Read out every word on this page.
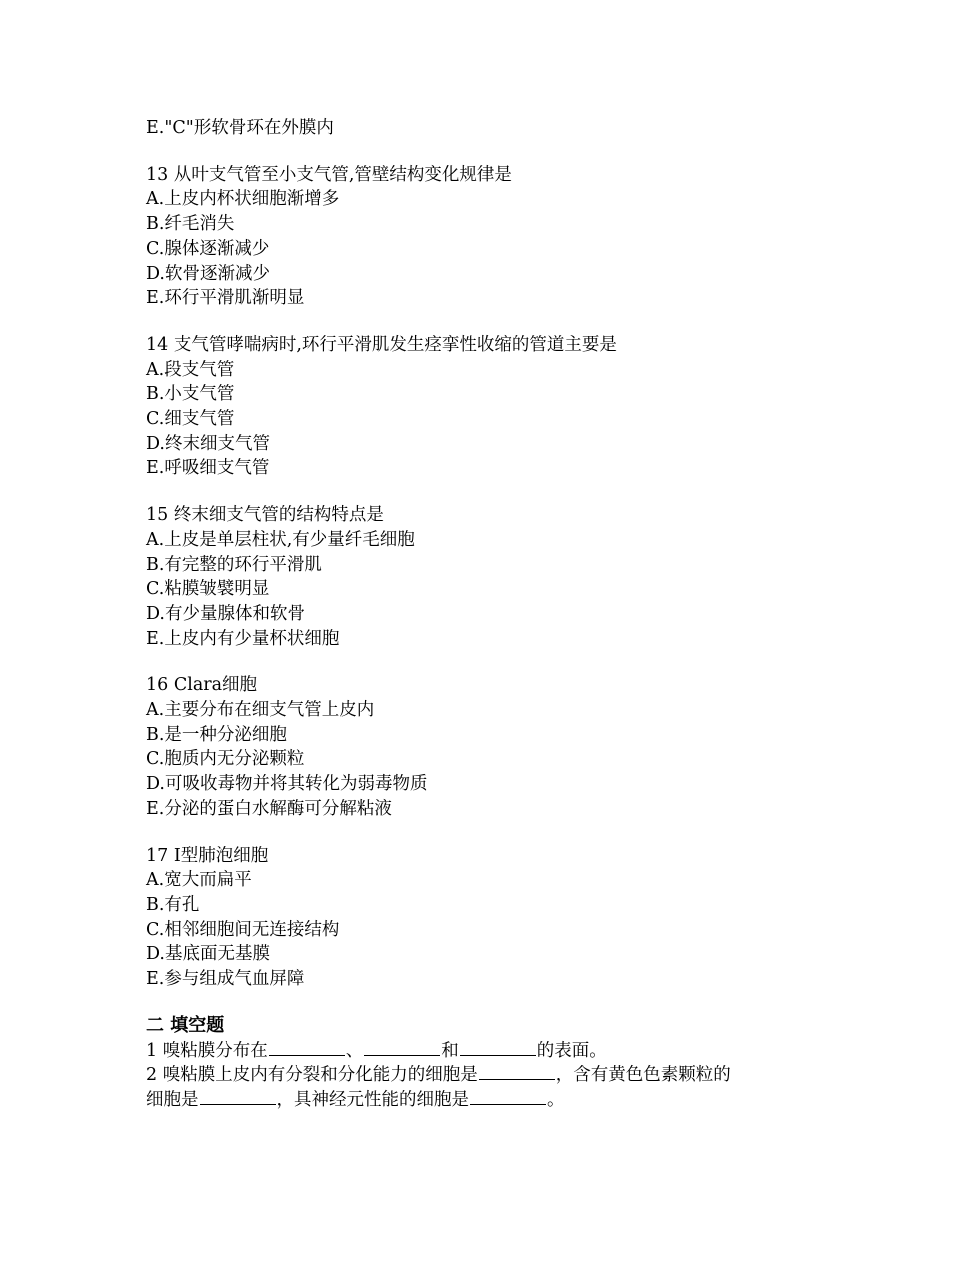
E."C"形软骨环在外膜内
13 从叶支气管至小支气管,管壁结构变化规律是
A.上皮内杯状细胞渐增多
B.纤毛消失
C.腺体逐渐减少
D.软骨逐渐减少
E.环行平滑肌渐明显
14 支气管哮喘病时,环行平滑肌发生痉挛性收缩的管道主要是
A.段支气管
B.小支气管
C.细支气管
D.终末细支气管
E.呼吸细支气管
15 终末细支气管的结构特点是
A.上皮是单层柱状,有少量纤毛细胞
B.有完整的环行平滑肌
C.粘膜皱襞明显
D.有少量腺体和软骨
E.上皮内有少量杯状细胞
16 Clara细胞
A.主要分布在细支气管上皮内
B.是一种分泌细胞
C.胞质内无分泌颗粒
D.可吸收毒物并将其转化为弱毒物质
E.分泌的蛋白水解酶可分解粘液
17 I型肺泡细胞
A.宽大而扁平
B.有孔
C.相邻细胞间无连接结构
D.基底面无基膜
E.参与组成气血屏障
二 填空题
1 嗅粘膜分布在	、	和	的表面。
2 嗅粘膜上皮内有分裂和分化能力的细胞是	，含有黄色色素颗粒的
细胞是	，具神经元性能的细胞是	。
